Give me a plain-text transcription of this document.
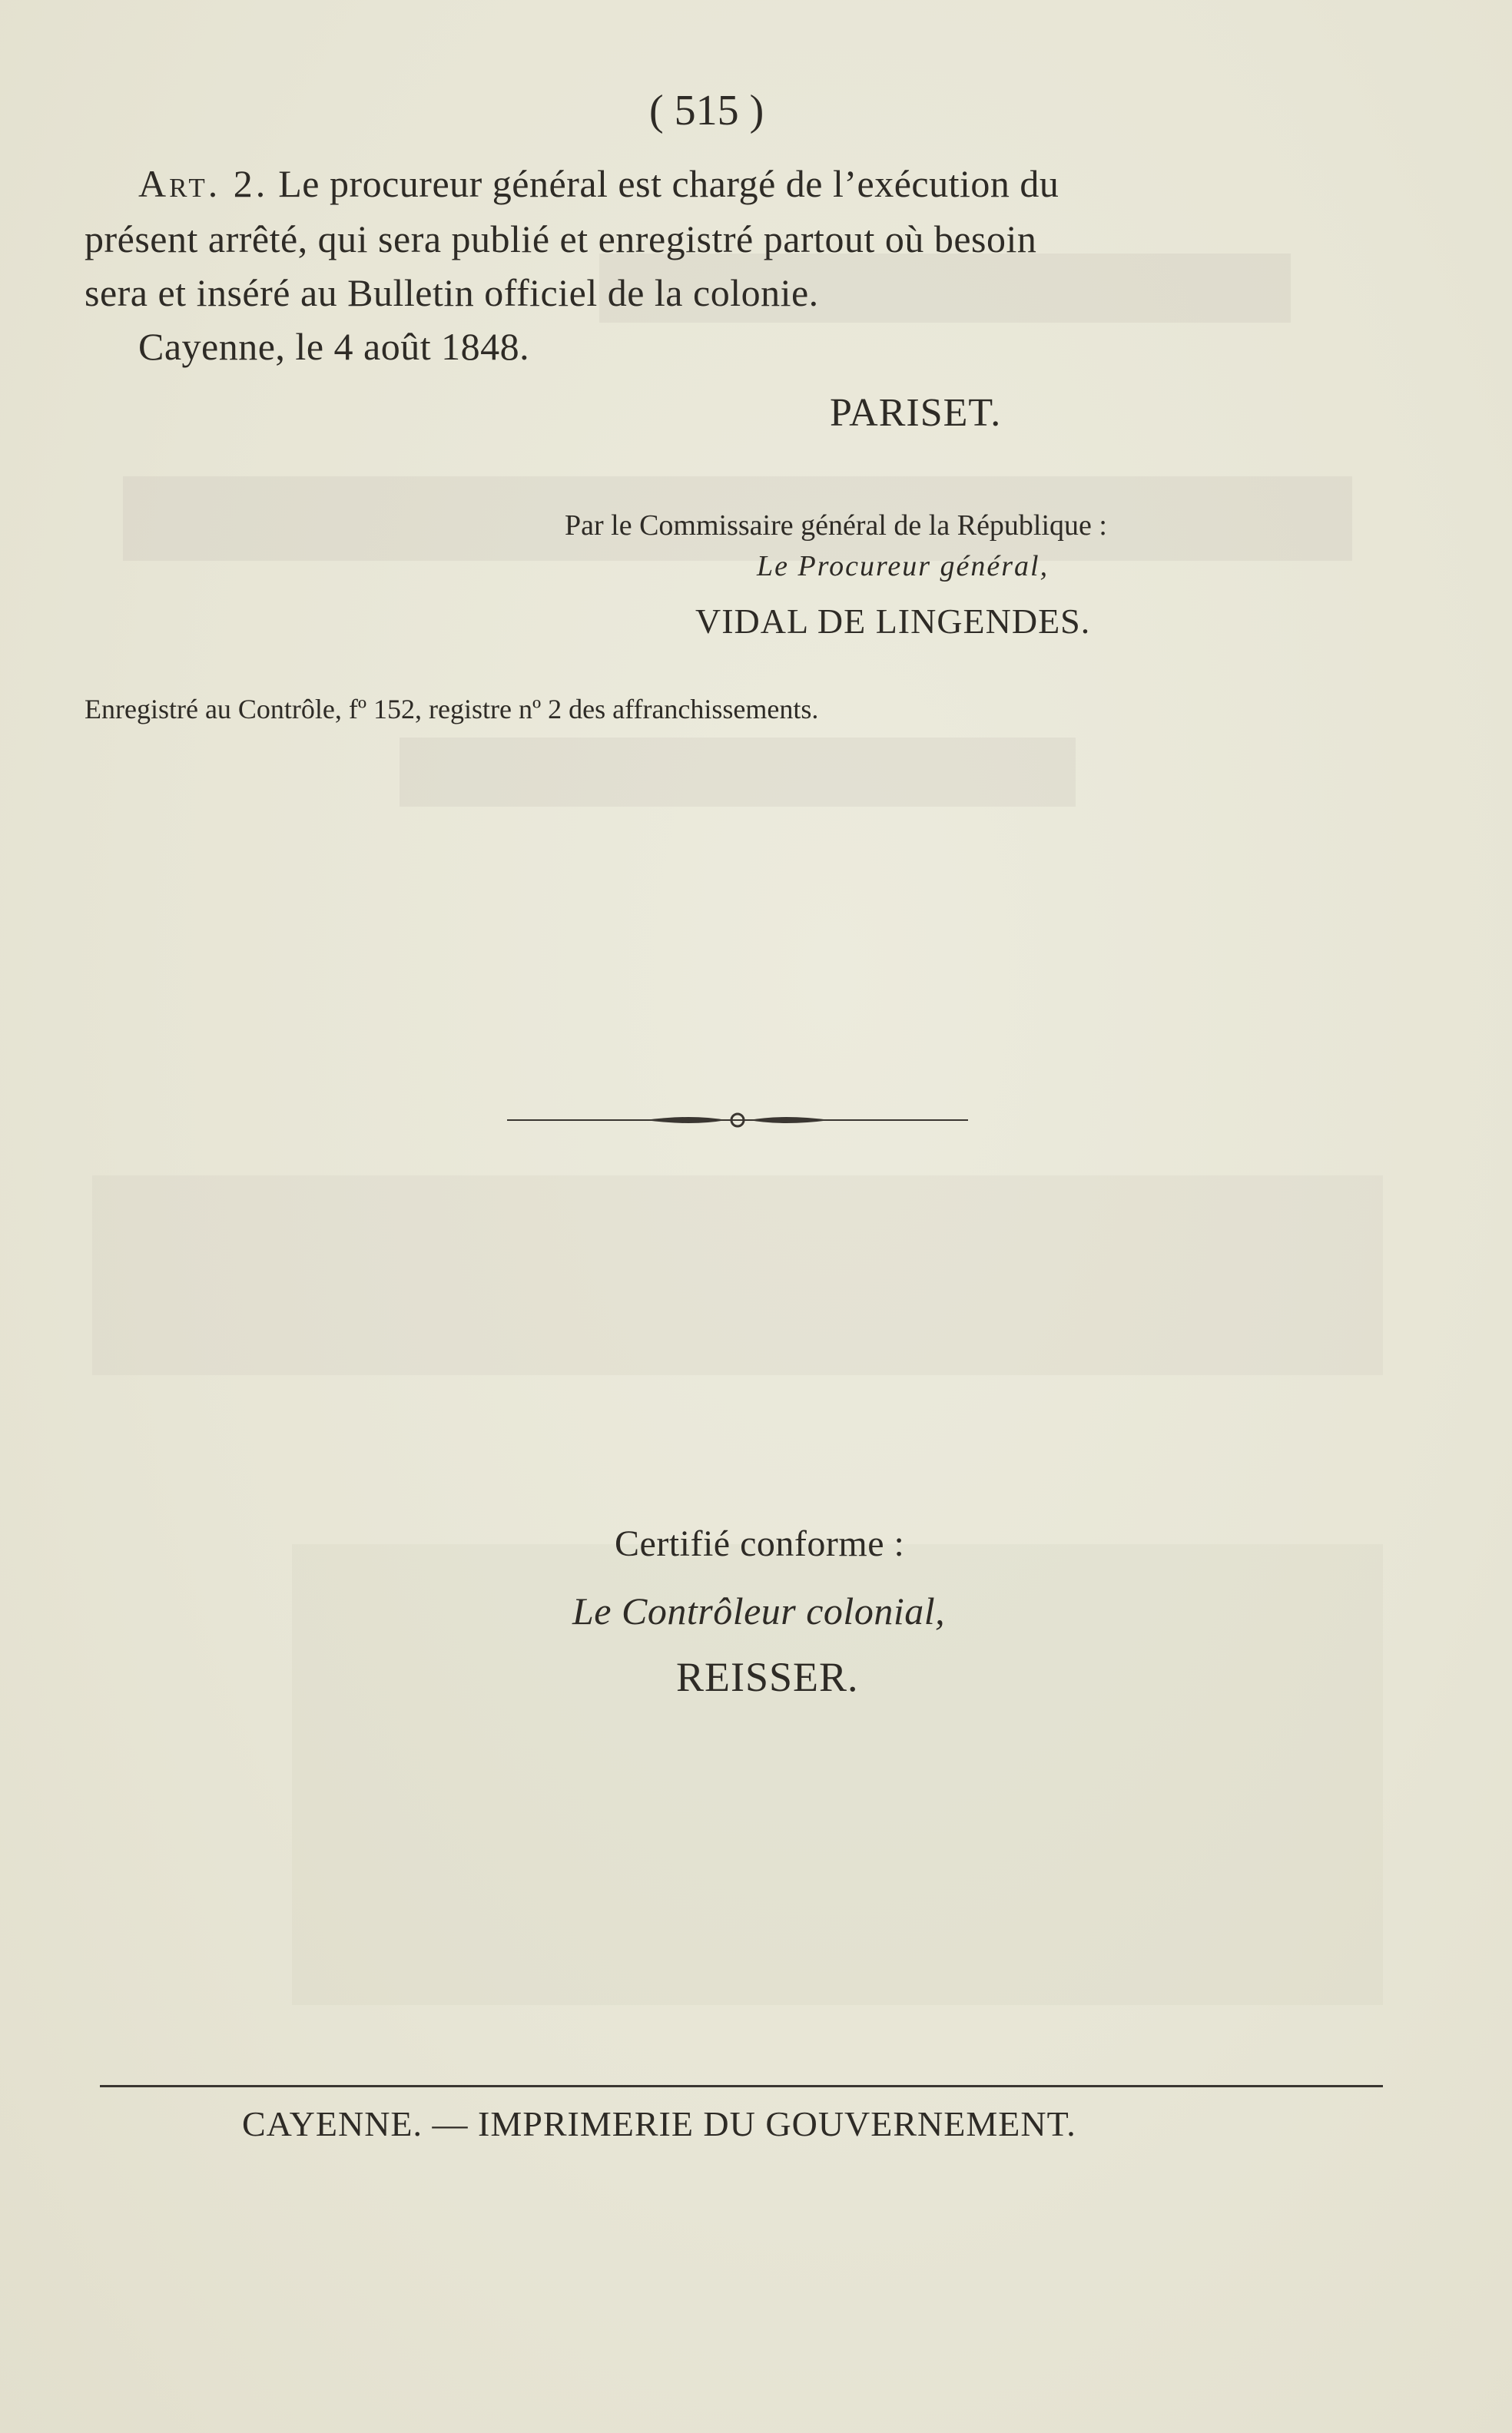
( 515 )
Art. 2. Le procureur général est chargé de l’exécution du
présent arrêté, qui sera publié et enregistré partout où besoin
sera et inséré au Bulletin officiel de la colonie.
Cayenne, le 4 août 1848.
PARISET.
Par le Commissaire général de la République :
Le Procureur général,
VIDAL DE LINGENDES.
Enregistré au Contrôle, fº 152, registre nº 2 des affranchissements.
Certifié conforme :
Le Contrôleur colonial,
REISSER.
CAYENNE. — IMPRIMERIE DU GOUVERNEMENT.
